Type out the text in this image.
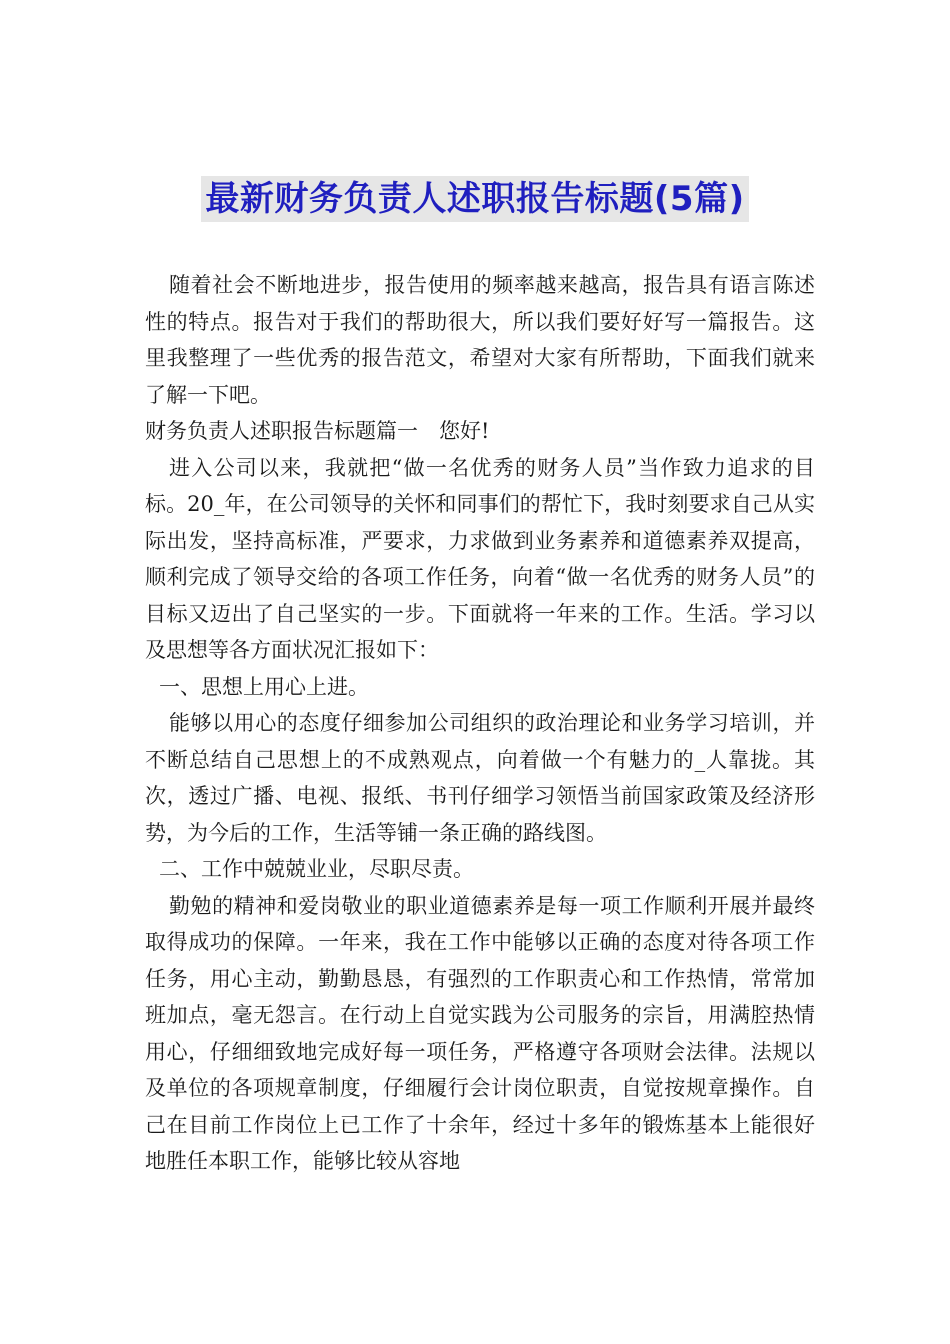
最新财务负责人述职报告标题(5篇)

随着社会不断地进步，报告使用的频率越来越高，报告具有语言陈述性的特点。报告对于我们的帮助很大，所以我们要好好写一篇报告。这里我整理了一些优秀的报告范文，希望对大家有所帮助，下面我们就来了解一下吧。

财务负责人述职报告标题篇一　您好!

进入公司以来，我就把“做一名优秀的财务人员”当作致力追求的目标。20_年，在公司领导的关怀和同事们的帮忙下，我时刻要求自己从实际出发，坚持高标准，严要求，力求做到业务素养和道德素养双提高，顺利完成了领导交给的各项工作任务，向着“做一名优秀的财务人员”的目标又迈出了自己坚实的一步。下面就将一年来的工作。生活。学习以及思想等各方面状况汇报如下：

一、思想上用心上进。

能够以用心的态度仔细参加公司组织的政治理论和业务学习培训，并不断总结自己思想上的不成熟观点，向着做一个有魅力的_人靠拢。其次，透过广播、电视、报纸、书刊仔细学习领悟当前国家政策及经济形势，为今后的工作，生活等铺一条正确的路线图。

二、工作中兢兢业业，尽职尽责。

勤勉的精神和爱岗敬业的职业道德素养是每一项工作顺利开展并最终取得成功的保障。一年来，我在工作中能够以正确的态度对待各项工作任务，用心主动，勤勤恳恳，有强烈的工作职责心和工作热情，常常加班加点，毫无怨言。在行动上自觉实践为公司服务的宗旨，用满腔热情用心，仔细细致地完成好每一项任务，严格遵守各项财会法律。法规以及单位的各项规章制度，仔细履行会计岗位职责，自觉按规章操作。自己在目前工作岗位上已工作了十余年，经过十多年的锻炼基本上能很好地胜任本职工作，能够比较从容地
